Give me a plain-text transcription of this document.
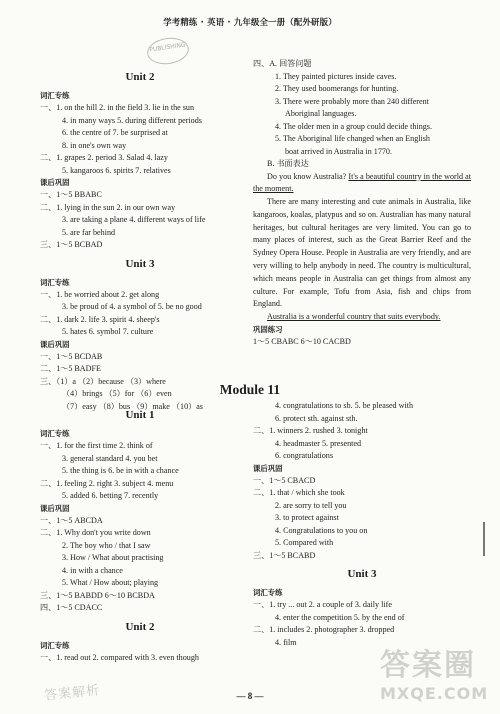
学考精练 · 英语 · 九年级全一册（配外研版）
PUBLISHING
Unit 2
词汇专练
一、1. on the hill 2. in the field 3. lie in the sun
4. in many ways 5. during different periods
6. the centre of 7. be surprised at
8. in one's own way
二、1. grapes 2. period 3. Salad 4. lazy
5. kangaroos 6. spirits 7. relatives
课后巩固
一、1～5 BBABC
二、1. lying in the sun 2. in our own way
3. are taking a plane 4. different ways of life
5. are far behind
三、1～5 BCBAD
Unit 3
词汇专练
一、1. be worried about 2. get along
3. be proud of 4. a symbol of 5. be no good
二、1. dark 2. life 3. spirit 4. sheep's
5. hates 6. symbol 7. culture
课后巩固
一、1～5 BCDAB
二、1～5 BADFE
三、（1）a （2）because （3）where
（4）brings （5）for （6）even
（7）easy （8）bus （9）make （10）as
四、A. 回答问题
1. They painted pictures inside caves.
2. They used boomerangs for hunting.
3. There were probably more than 240 different
Aboriginal languages.
4. The older men in a group could decide things.
5. The Aboriginal life changed when an English
boat arrived in Australia in 1770.
B. 书面表达
Do you know Australia? It's a beautiful country in the world at the moment.
There are many interesting and cute animals in Australia, like kangaroos, koalas, platypus and so on. Australian has many natural heritages, but cultural heritages are very limited. You can go to many places of interest, such as the Great Barrier Reef and the Sydney Opera House. People in Australia are very friendly, and are very willing to help anybody in need. The country is multicultural, which means people in Australia can get things from almost any culture. For example, Tofu from Asia, fish and chips from England.
Australia is a wonderful country that suits everybody.
巩固练习
1～5 CBABC 6～10 CACBD
Module 11
Unit 1
词汇专练
一、1. for the first time 2. think of
3. general standard 4. you bet
5. the thing is 6. be in with a chance
二、1. feeling 2. right 3. subject 4. menu
5. added 6. betting 7. recently
课后巩固
一、1～5 ABCDA
二、1. Why don't you write down
2. The boy who / that I saw
3. How / What about practising
4. in with a chance
5. What / How about; playing
三、1～5 BABDD 6～10 BCBDA
四、1～5 CDACC
Unit 2
词汇专练
一、1. read out 2. compared with 3. even though
4. congratulations to sb. 5. be pleased with
6. protect sth. against sth.
二、1. winners 2. rushed 3. tonight
4. headmaster 5. presented
6. congratulations
课后巩固
一、1～5 CBACD
二、1. that / which she took
2. are sorry to tell you
3. to protect against
4. Congratulations to you on
5. Compared with
三、1～5 BCABD
Unit 3
词汇专练
一、1. try ... out 2. a couple of 3. daily life
4. enter the competition 5. by the end of
二、1. includes 2. photographer 3. dropped
4. film
— 8 —
答案解析
答案圈
MXQE.COM
